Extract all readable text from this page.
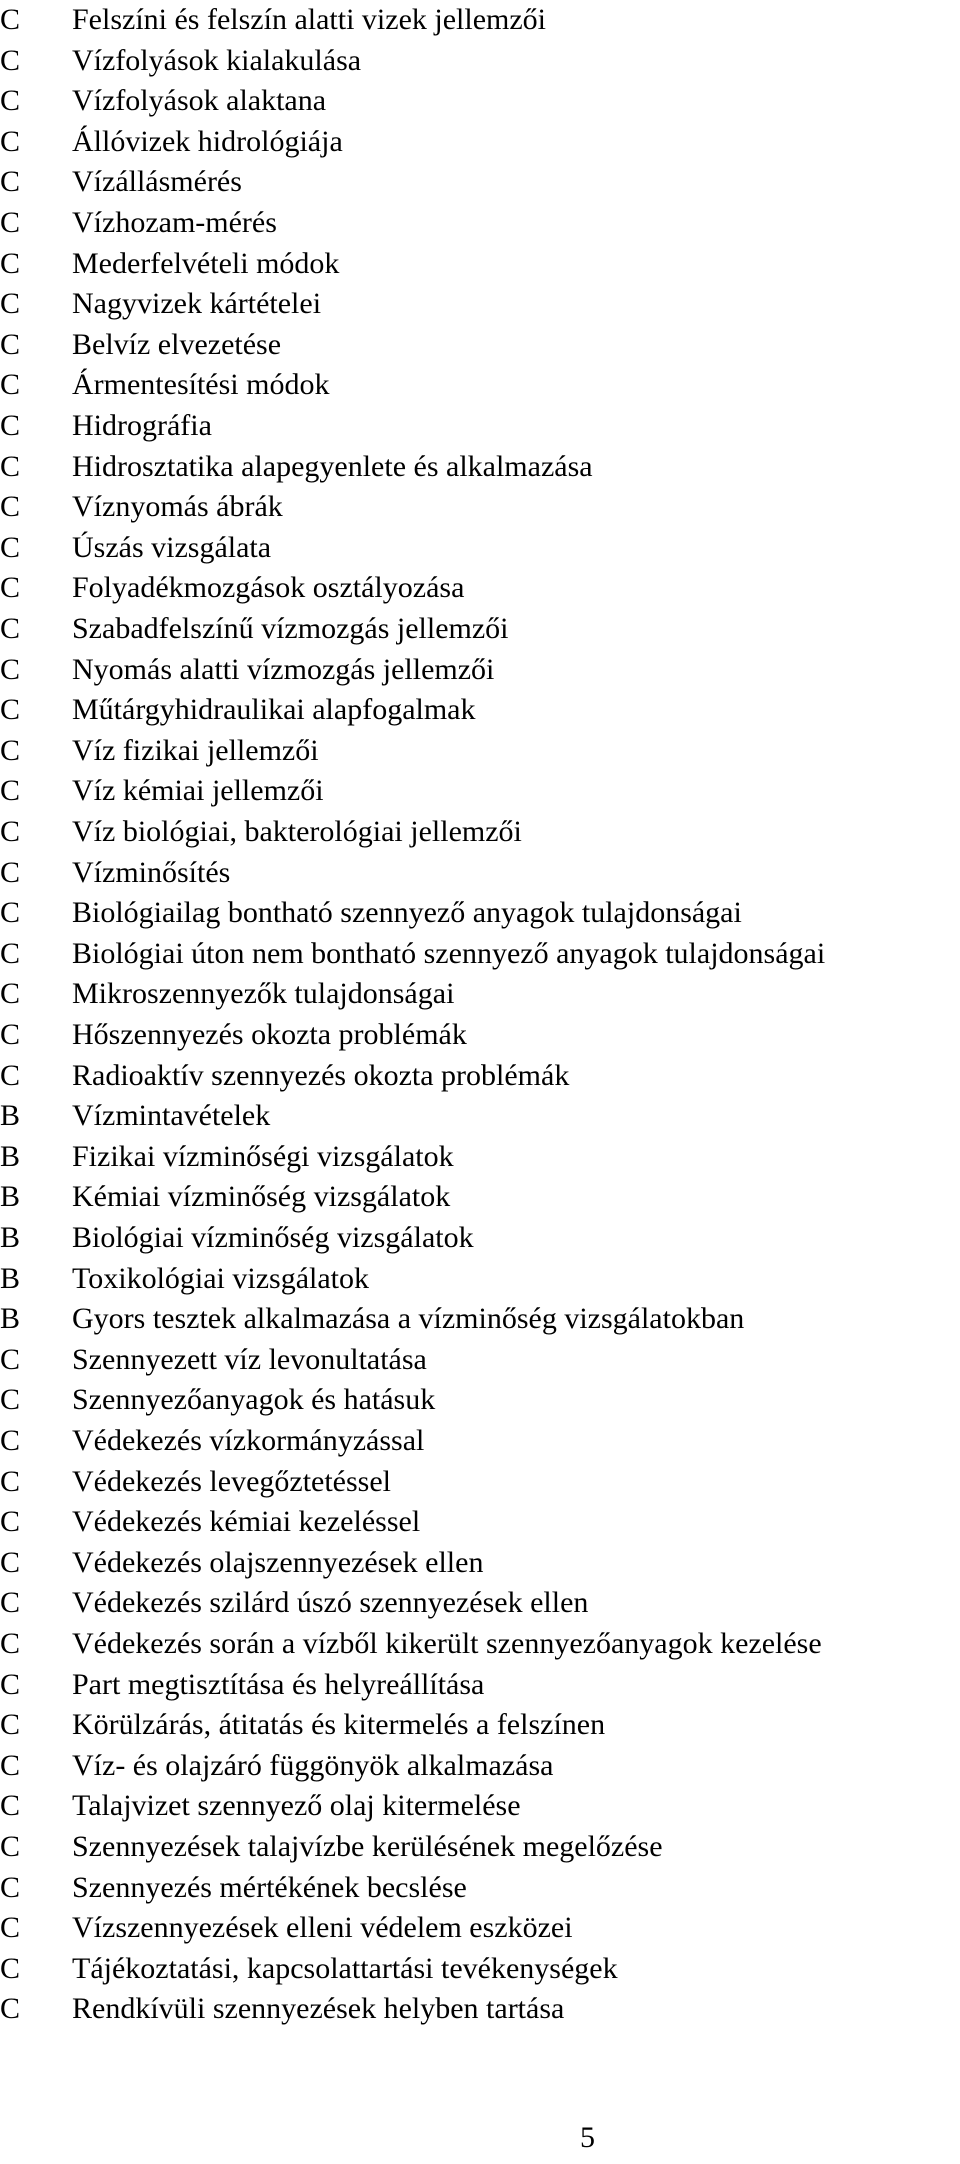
C Felszíni és felszín alatti vizek jellemzői
C Vízfolyások kialakulása
C Vízfolyások alaktana
C Állóvizek hidrológiája
C Vízállásmérés
C Vízhozam-mérés
C Mederfelvételi módok
C Nagyvizek kártételei
C Belvíz elvezetése
C Ármentesítési módok
C Hidrográfia
C Hidrosztatika alapegyenlete és alkalmazása
C Víznyomás ábrák
C Úszás vizsgálata
C Folyadékmozgások osztályozása
C Szabadfelszínű vízmozgás jellemzői
C Nyomás alatti vízmozgás jellemzői
C Műtárgyhidraulikai alapfogalmak
C Víz fizikai jellemzői
C Víz kémiai jellemzői
C Víz biológiai, bakterológiai jellemzői
C Vízminősítés
C Biológiailag bontható szennyező anyagok tulajdonságai
C Biológiai úton nem bontható szennyező anyagok tulajdonságai
C Mikroszennyezők tulajdonságai
C Hőszennyezés okozta problémák
C Radioaktív szennyezés okozta problémák
B Vízmintavételek
B Fizikai vízminőségi vizsgálatok
B Kémiai vízminőség vizsgálatok
B Biológiai vízminőség vizsgálatok
B Toxikológiai vizsgálatok
B Gyors tesztek alkalmazása a vízminőség vizsgálatokban
C Szennyezett víz levonultatása
C Szennyezőanyagok és hatásuk
C Védekezés vízkormányzással
C Védekezés levegőztetéssel
C Védekezés kémiai kezeléssel
C Védekezés olajszennyezések ellen
C Védekezés szilárd úszó szennyezések ellen
C Védekezés során a vízből kikerült szennyezőanyagok kezelése
C Part megtisztítása és helyreállítása
C Körülzárás, átitatás és kitermelés a felszínen
C Víz- és olajzáró függönyök alkalmazása
C Talajvizet szennyező olaj kitermelése
C Szennyezések talajvízbe kerülésének megelőzése
C Szennyezés mértékének becslése
C Vízszennyezések elleni védelem eszközei
C Tájékoztatási, kapcsolattartási tevékenységek
C Rendkívüli szennyezések helyben tartása
5
